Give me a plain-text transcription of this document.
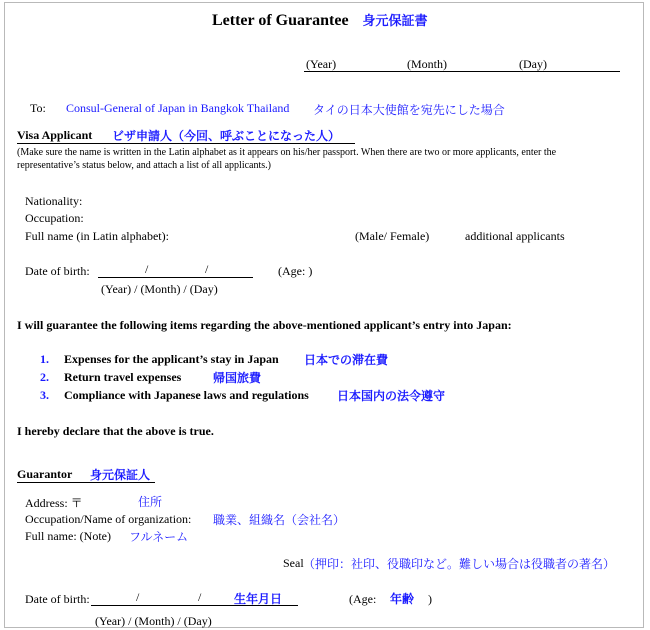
Letter of Guarantee 身元保証書
(Year)	(Month)	(Day)
To: Consul-General of Japan in Bangkok Thailand タイの日本大使館を宛先にした場合
Visa Applicant ビザ申請人（今回、呼ぶことになった人）
(Make sure the name is written in the Latin alphabet as it appears on his/her passport. When there are two or more applicants, enter the
representative’s status below, and attach a list of all applicants.)
Nationality:
Occupation:
Full name (in Latin alphabet):	(Male/ Female)	additional applicants
Date of birth:	/	/	(Age: )
(Year) / (Month) / (Day)
I will guarantee the following items regarding the above-mentioned applicant’s entry into Japan:
1. Expenses for the applicant’s stay in Japan 日本での滞在費
2. Return travel expenses	帰国旅費
3. Compliance with Japanese laws and regulations 日本国内の法令遵守
I hereby declare that the above is true.
Guarantor 身元保証人
Address: 〒	住所
Occupation/Name of organization: 職業、組織名（会社名）
Full name: (Note) フルネーム
Seal （押印：社印、役職印など。難しい場合は役職者の著名）
Date of birth:	/	/	生年月日	(Age: 年齢 )
(Year) / (Month) / (Day)
